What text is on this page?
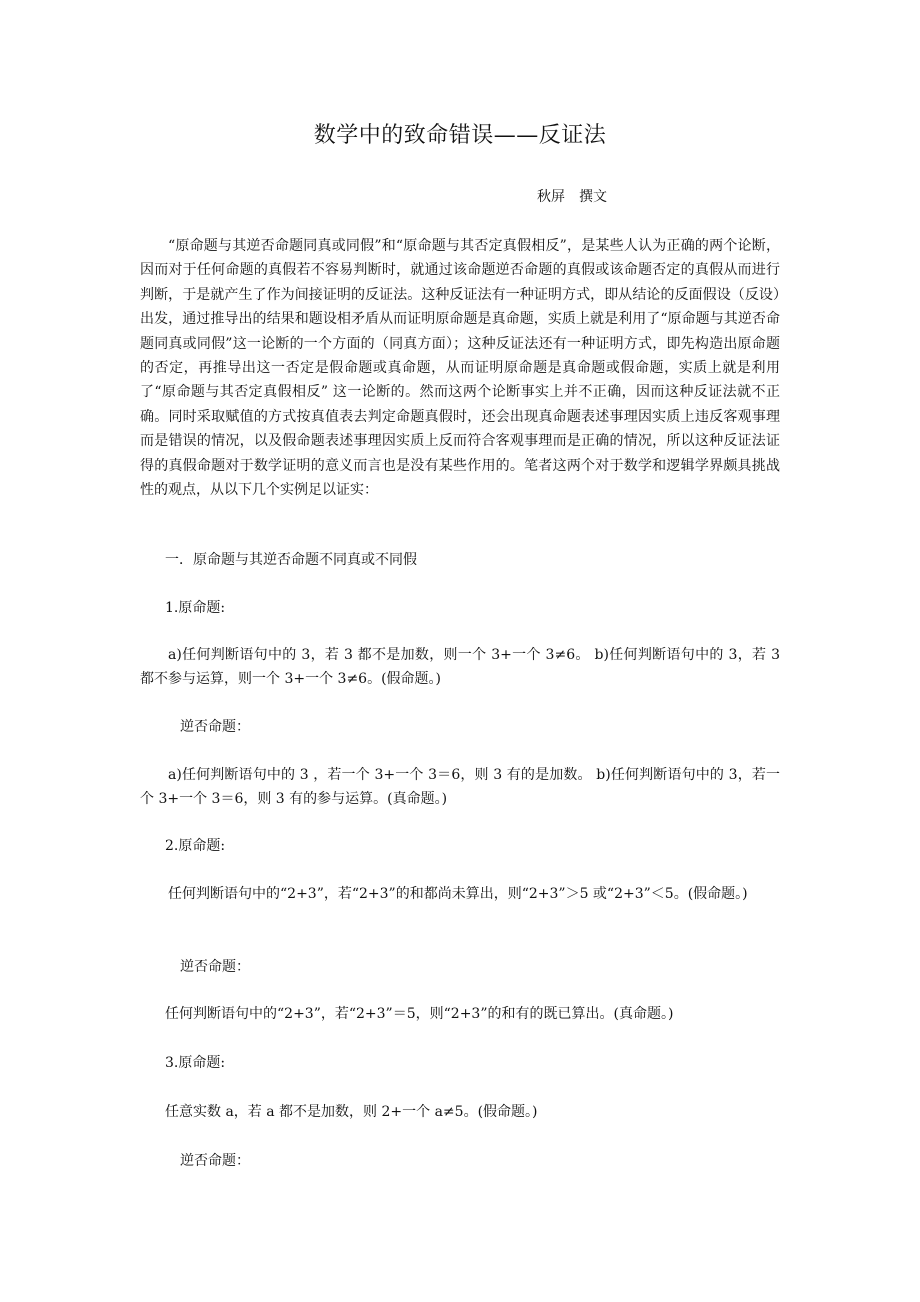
数学中的致命错误——反证法
秋屏　撰文

“原命题与其逆否命题同真或同假”和“原命题与其否定真假相反”，是某些人认为正确的两个论断，因而对于任何命题的真假若不容易判断时，就通过该命题逆否命题的真假或该命题否定的真假从而进行判断，于是就产生了作为间接证明的反证法。这种反证法有一种证明方式，即从结论的反面假设（反设）出发，通过推导出的结果和题设相矛盾从而证明原命题是真命题，实质上就是利用了“原命题与其逆否命题同真或同假”这一论断的一个方面的（同真方面）；这种反证法还有一种证明方式，即先构造出原命题的否定，再推导出这一否定是假命题或真命题，从而证明原命题是真命题或假命题，实质上就是利用了“原命题与其否定真假相反” 这一论断的。然而这两个论断事实上并不正确，因而这种反证法就不正确。同时采取赋值的方式按真值表去判定命题真假时，还会出现真命题表述事理因实质上违反客观事理而是错误的情况，以及假命题表述事理因实质上反而符合客观事理而是正确的情况，所以这种反证法证得的真假命题对于数学证明的意义而言也是没有某些作用的。笔者这两个对于数学和逻辑学界颇具挑战性的观点，从以下几个实例足以证实：

一．原命题与其逆否命题不同真或不同假

1.原命题:

a)任何判断语句中的 3，若 3 都不是加数，则一个 3+一个 3≠6。 b)任何判断语句中的 3，若 3 都不参与运算，则一个 3+一个 3≠6。(假命题。)

逆否命题：

a)任何判断语句中的 3 ，若一个 3+一个 3＝6，则 3 有的是加数。 b)任何判断语句中的 3，若一个 3+一个 3＝6，则 3 有的参与运算。(真命题。)

2.原命题:

任何判断语句中的“2+3”，若“2+3”的和都尚未算出，则“2+3”＞5 或“2+3”＜5。(假命题。)

逆否命题：

任何判断语句中的“2+3”，若“2+3”＝5，则“2+3”的和有的既已算出。(真命题。)

3.原命题:

任意实数 a，若 a 都不是加数，则 2+一个 a≠5。(假命题。)

逆否命题：
